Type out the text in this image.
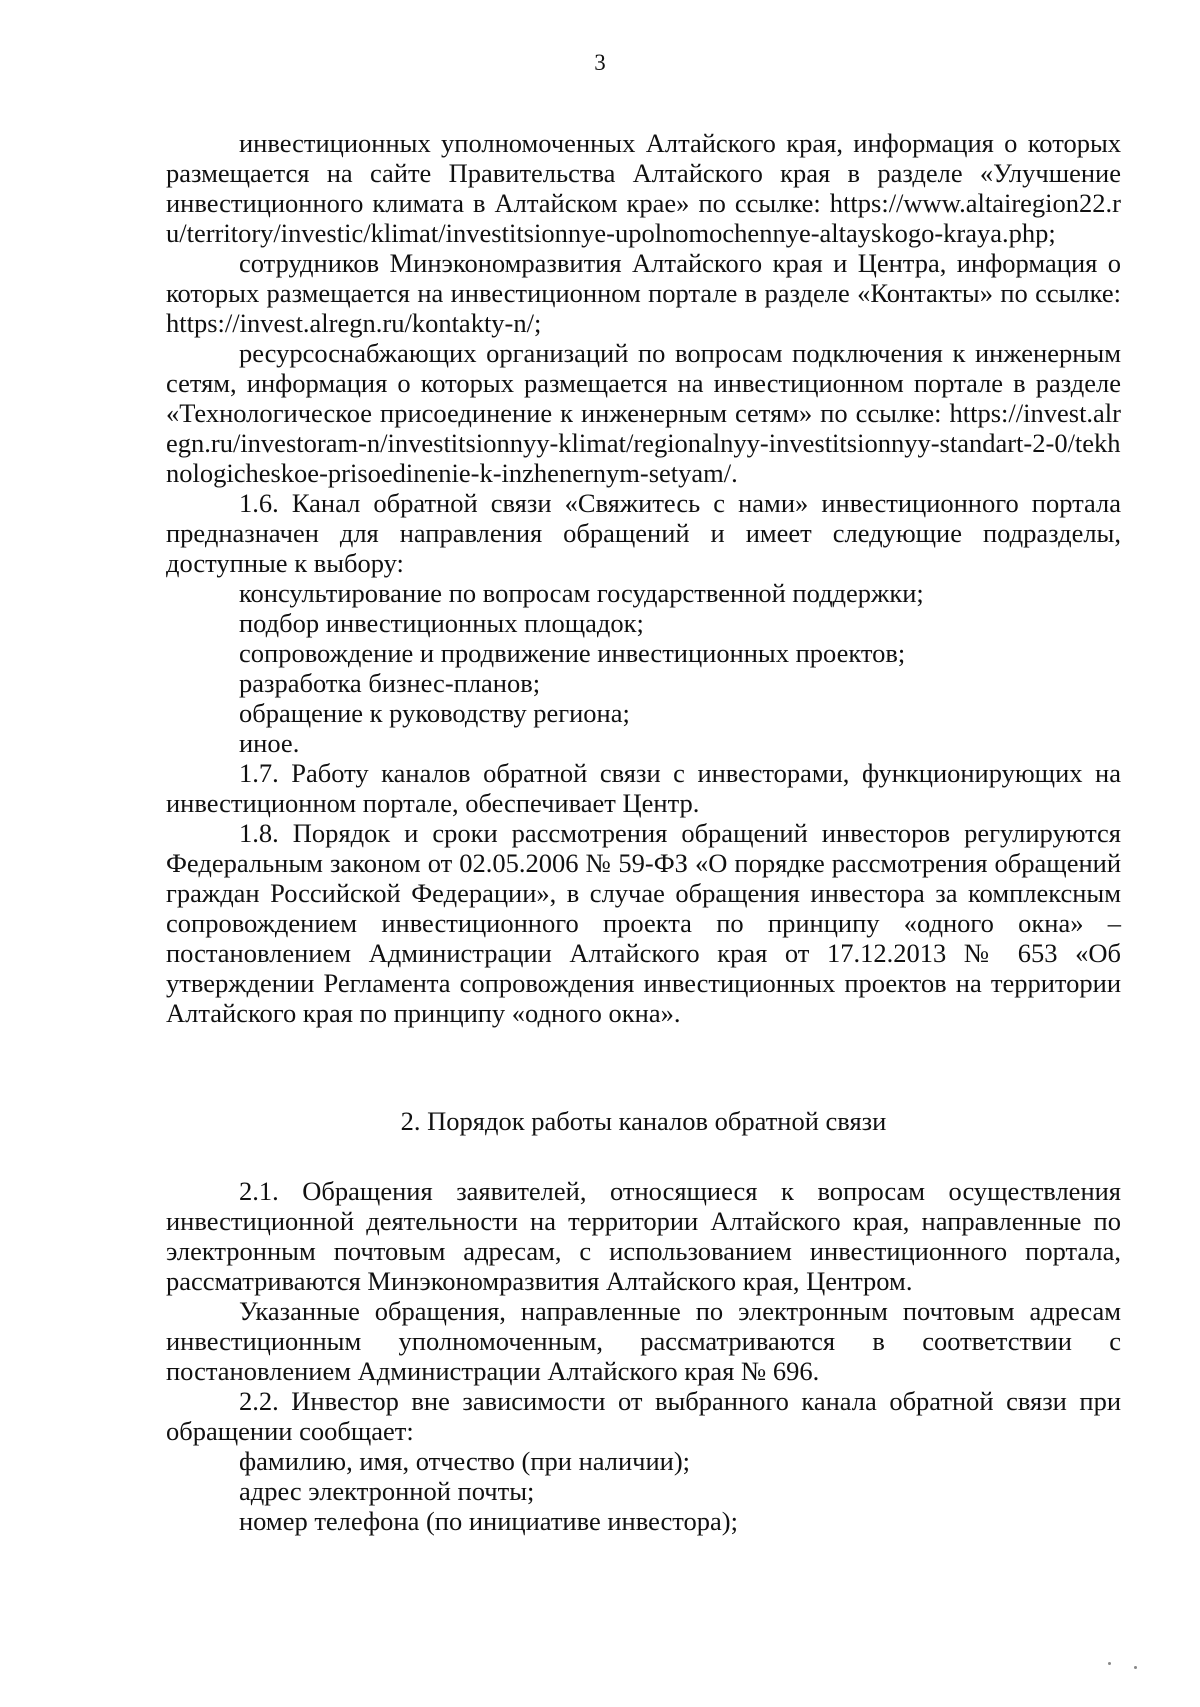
3

инвестиционных уполномоченных Алтайского края, информация о которых размещается на сайте Правительства Алтайского края в разделе «Улучшение инвестиционного климата в Алтайском крае» по ссылке: https://www.altairegion22.ru/territory/investic/klimat/investitsionnye-upolnomochennye-altayskogo-kraya.php;

сотрудников Минэкономразвития Алтайского края и Центра, информация о которых размещается на инвестиционном портале в разделе «Контакты» по ссылке: https://invest.alregn.ru/kontakty-n/;

ресурсоснабжающих организаций по вопросам подключения к инженерным сетям, информация о которых размещается на инвестиционном портале в разделе «Технологическое присоединение к инженерным сетям» по ссылке: https://invest.alregn.ru/investoram-n/investitsionnyy-klimat/regionalnyy-investitsionnyy-standart-2-0/tekhnologicheskoe-prisoedinenie-k-inzhenernym-setyam/.

1.6. Канал обратной связи «Свяжитесь с нами» инвестиционного портала предназначен для направления обращений и имеет следующие подразделы, доступные к выбору:

консультирование по вопросам государственной поддержки;

подбор инвестиционных площадок;

сопровождение и продвижение инвестиционных проектов;

разработка бизнес-планов;

обращение к руководству региона;

иное.

1.7. Работу каналов обратной связи с инвесторами, функционирующих на инвестиционном портале, обеспечивает Центр.

1.8. Порядок и сроки рассмотрения обращений инвесторов регулируются Федеральным законом от 02.05.2006 № 59-ФЗ «О порядке рассмотрения обращений граждан Российской Федерации», в случае обращения инвестора за комплексным сопровождением инвестиционного проекта по принципу «одного окна» – постановлением Администрации Алтайского края от 17.12.2013 № 653 «Об утверждении Регламента сопровождения инвестиционных проектов на территории Алтайского края по принципу «одного окна».

2. Порядок работы каналов обратной связи

2.1. Обращения заявителей, относящиеся к вопросам осуществления инвестиционной деятельности на территории Алтайского края, направленные по электронным почтовым адресам, с использованием инвестиционного портала, рассматриваются Минэкономразвития Алтайского края, Центром.

Указанные обращения, направленные по электронным почтовым адресам инвестиционным уполномоченным, рассматриваются в соответствии с постановлением Администрации Алтайского края № 696.

2.2. Инвестор вне зависимости от выбранного канала обратной связи при обращении сообщает:

фамилию, имя, отчество (при наличии);

адрес электронной почты;

номер телефона (по инициативе инвестора);
